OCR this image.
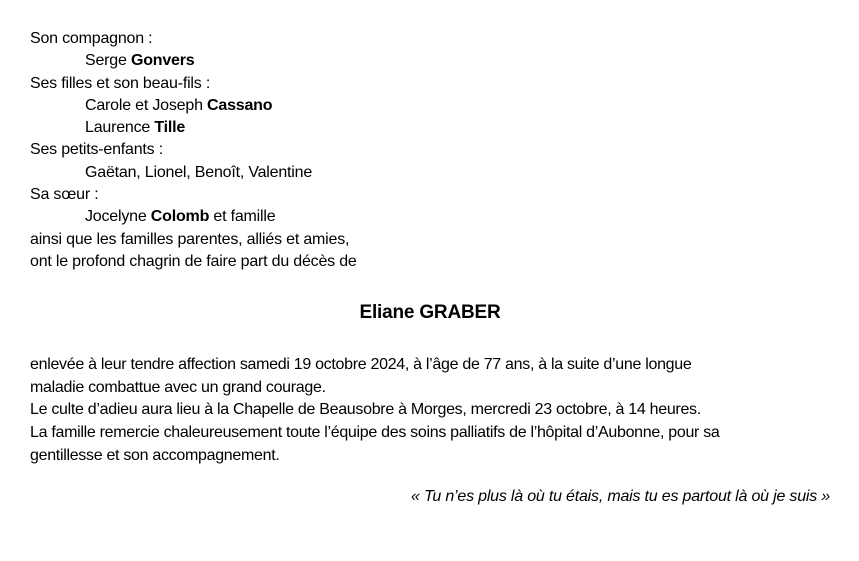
Son compagnon :
Serge Gonvers
Ses filles et son beau-fils :
Carole et Joseph Cassano
Laurence Tille
Ses petits-enfants :
Gaëtan, Lionel, Benoît, Valentine
Sa sœur :
Jocelyne Colomb et famille
ainsi que les familles parentes, alliés et amies,
ont le profond chagrin de faire part du décès de
Eliane GRABER
enlevée à leur tendre affection samedi 19 octobre 2024, à l’âge de 77 ans, à la suite d’une longue
maladie combattue avec un grand courage.
Le culte d’adieu aura lieu à la Chapelle de Beausobre à Morges, mercredi 23 octobre, à 14 heures.
La famille remercie chaleureusement toute l’équipe des soins palliatifs de l’hôpital d’Aubonne, pour sa
gentillesse et son accompagnement.
« Tu n’es plus là où tu étais, mais tu es partout là où je suis »
